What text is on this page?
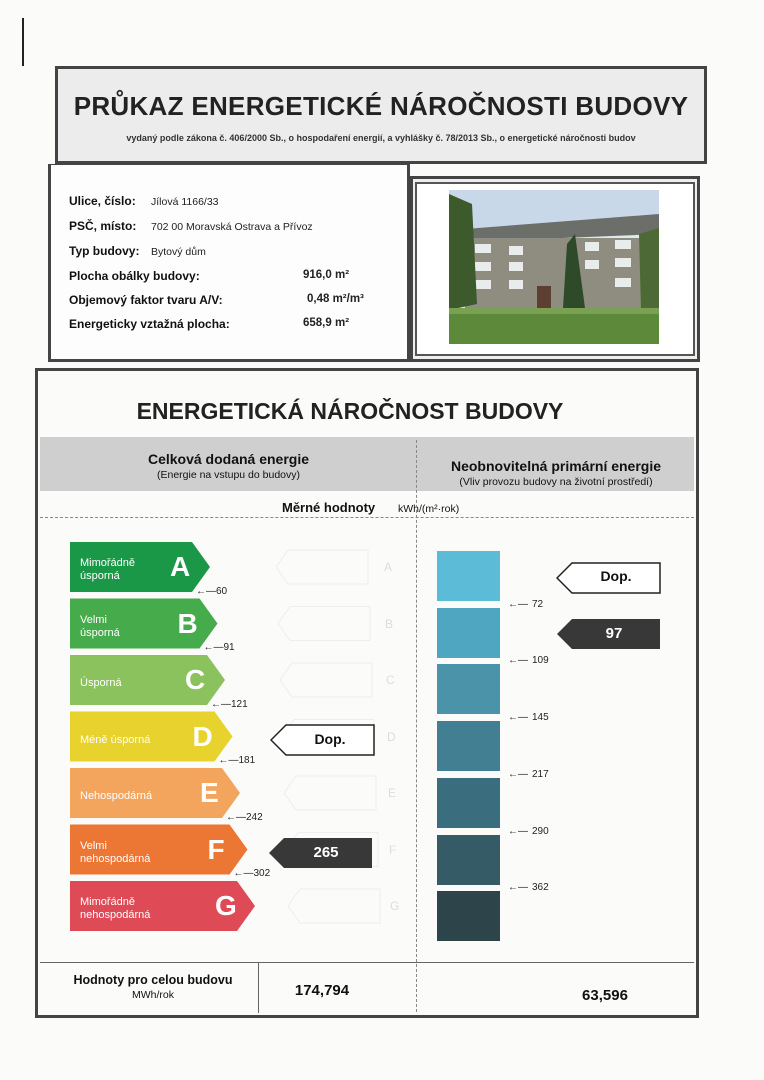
PRŮKAZ ENERGETICKÉ NÁROČNOSTI BUDOVY
vydaný podle zákona č. 406/2000 Sb., o hospodaření energií, a vyhlášky č. 78/2013 Sb., o energetické náročnosti budov
Ulice, číslo: Jílová 1166/33
PSČ, místo: 702 00 Moravská Ostrava a Přívoz
Typ budovy: Bytový dům
Plocha obálky budovy:	916,0 m²
Objemový faktor tvaru A/V:	0,48 m²/m³
Energeticky vztažná plocha:	658,9 m²
ENERGETICKÁ NÁROČNOST BUDOVY
Celková dodaná energie
(Energie na vstupu do budovy)
Neobnovitelná primární energie
(Vliv provozu budovy na životní prostředí)
Měrné hodnoty kWh/(m²·rok)
Mimořádně
úsporná A	A
Velmi
úsporná B	B
Úsporná C	C
Méně úsporná D	D
Nehospodárná E	E
Velmi
nehospodárná F	F
Mimořádně
nehospodárná G	G
←— 60
←— 91
←— 121
←— 181
←— 242
←— 302
Dop.
265
←— 72
←— 109
←— 145
←— 217
←— 290
←— 362
Dop.
97
Hodnoty pro celou budovu
MWh/rok	174,794	63,596
